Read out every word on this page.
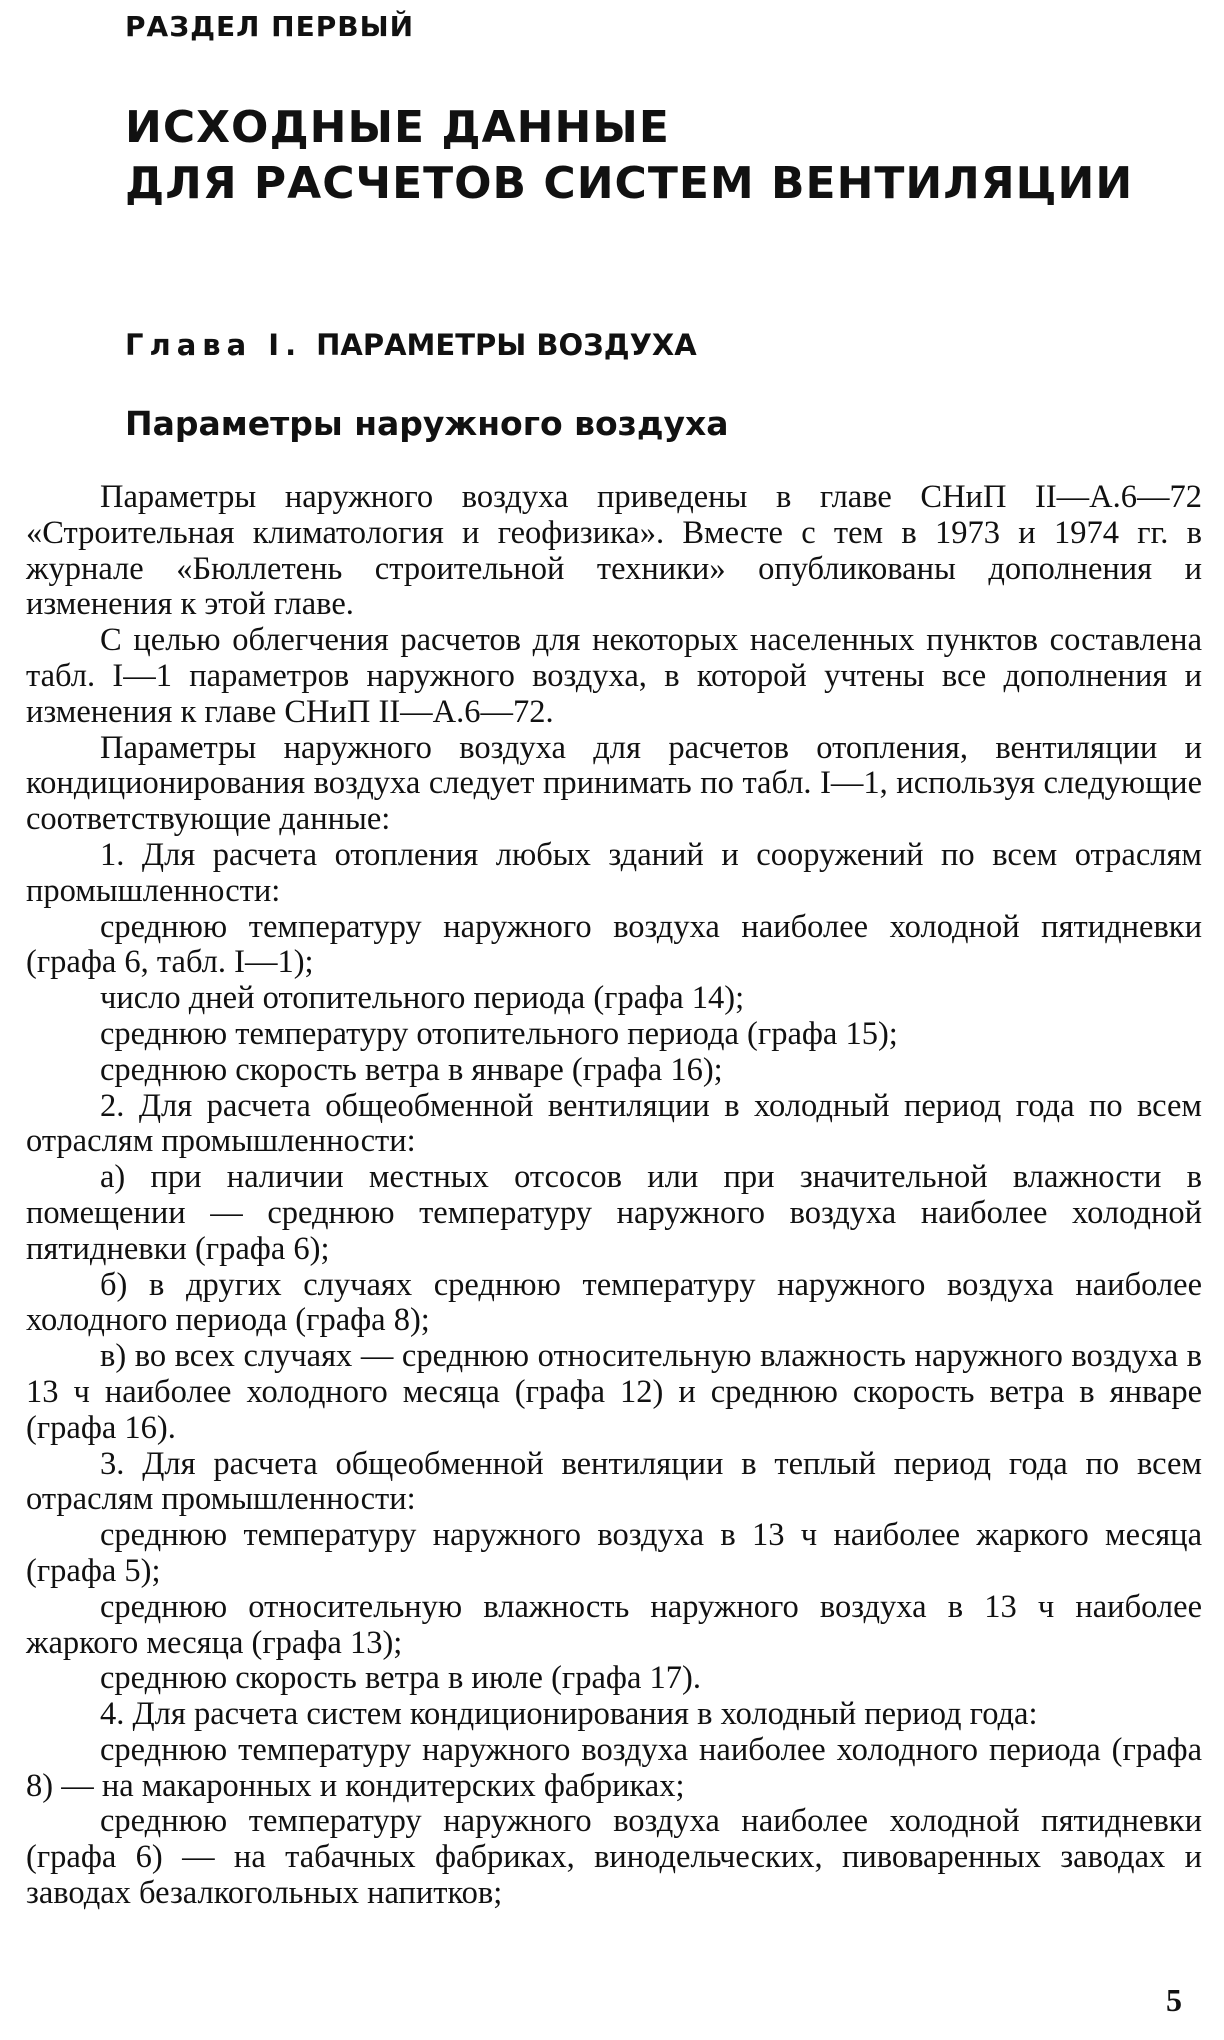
РАЗДЕЛ ПЕРВЫЙ
ИСХОДНЫЕ ДАННЫЕ
ДЛЯ РАСЧЕТОВ СИСТЕМ ВЕНТИЛЯЦИИ
Глава I. ПАРАМЕТРЫ ВОЗДУХА
Параметры наружного воздуха

Параметры наружного воздуха приведены в главе СНиП II—А.6—72 «Строительная климатология и геофизика». Вместе с тем в 1973 и 1974 гг. в журнале «Бюллетень строительной техники» опубликованы дополнения и изменения к этой главе.

С целью облегчения расчетов для некоторых населенных пунктов составлена табл. I—1 параметров наружного воздуха, в которой учтены все дополнения и изменения к главе СНиП II—А.6—72.

Параметры наружного воздуха для расчетов отопления, вентиляции и кондиционирования воздуха следует принимать по табл. I—1, используя следующие соответствующие данные:

1. Для расчета отопления любых зданий и сооружений по всем отраслям промышленности:

среднюю температуру наружного воздуха наиболее холодной пятидневки (графа 6, табл. I—1);

число дней отопительного периода (графа 14);

среднюю температуру отопительного периода (графа 15);

среднюю скорость ветра в январе (графа 16);

2. Для расчета общеобменной вентиляции в холодный период года по всем отраслям промышленности:

а) при наличии местных отсосов или при значительной влажности в помещении — среднюю температуру наружного воздуха наиболее холодной пятидневки (графа 6);

б) в других случаях среднюю температуру наружного воздуха наиболее холодного периода (графа 8);

в) во всех случаях — среднюю относительную влажность наружного воздуха в 13 ч наиболее холодного месяца (графа 12) и среднюю скорость ветра в январе (графа 16).

3. Для расчета общеобменной вентиляции в теплый период года по всем отраслям промышленности:

среднюю температуру наружного воздуха в 13 ч наиболее жаркого месяца (графа 5);

среднюю относительную влажность наружного воздуха в 13 ч наиболее жаркого месяца (графа 13);

среднюю скорость ветра в июле (графа 17).

4. Для расчета систем кондиционирования в холодный период года:

среднюю температуру наружного воздуха наиболее холодного периода (графа 8) — на макаронных и кондитерских фабриках;

среднюю температуру наружного воздуха наиболее холодной пятидневки (графа 6) — на табачных фабриках, винодельческих, пивоваренных заводах и заводах безалкогольных напитков;

5
